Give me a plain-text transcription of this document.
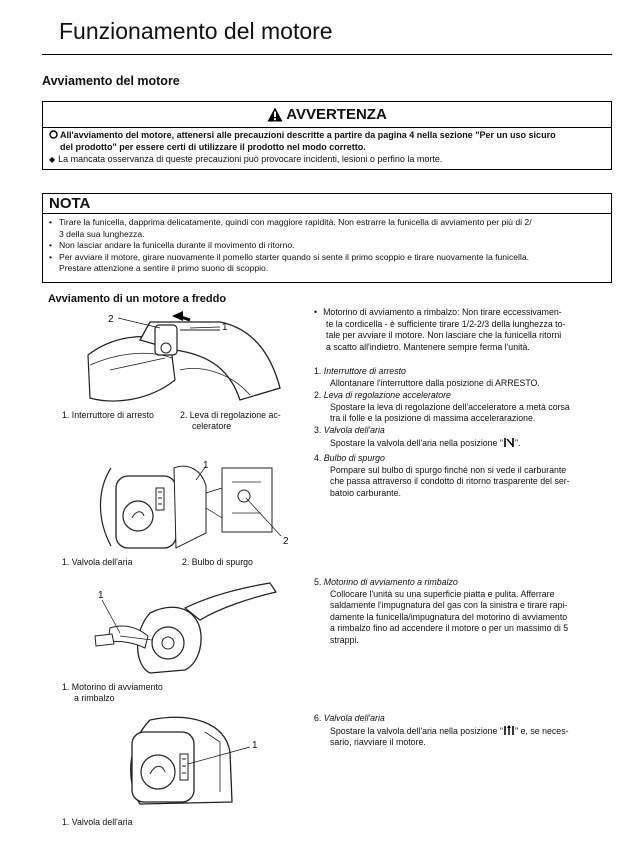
Funzionamento del motore
Avviamento del motore
AVVERTENZA
All'avviamento del motore, attenersi alle precauzioni descritte a partire da pagina 4 nella sezione "Per un uso sicuro
del prodotto" per essere certi di utilizzare il prodotto nel modo corretto.
◆ La mancata osservanza di queste precauzioni può provocare incidenti, lesioni o perfino la morte.
NOTA
• Tirare la funicella, dapprima delicatamente, quindi con maggiore rapidità. Non estrarre la funicella di avviamento per più di 2/
3 della sua lunghezza.
• Non lasciar andare la funicella durante il movimento di ritorno.
• Per avviare il motore, girare nuovamente il pomello starter quando si sente il primo scoppio e tirare nuovamente la funicella.
Prestare attenzione a sentire il primo suono di scoppio.
Avviamento di un motore a freddo
2
1
1. Interruttore di arresto	2. Leva di regolazione ac-
celeratore
1
2
1. Valvola dell'aria	2. Bulbo di spurgo
1
1. Motorino di avviamento
a rimbalzo
1
1. Valvola dell'aria
• Motorino di avviamento a rimbalzo: Non tirare eccessivamen-
te la cordicella - è sufficiente tirare 1/2-2/3 della lunghezza to-
tale per avviare il motore. Non lasciare che la funicella ritorni
a scatto all'indietro. Mantenere sempre ferma l'unità.
1. Interruttore di arresto
Allontanare l'interruttore dalla posizione di ARRESTO.
2. Leva di regolazione acceleratore
Spostare la leva di regolazione dell'acceleratore a metà corsa
tra il folle e la posizione di massima accelerarazione.
3. Valvola dell'aria
Spostare la valvola dell'aria nella posizione " ".
4. Bulbo di spurgo
Pompare sul bulbo di spurgo finché non si vede il carburante
che passa attraverso il condotto di ritorno trasparente del ser-
batoio carburante.
5. Motorino di avviamento a rimbalzo
Collocare l'unità su una superficie piatta e pulita. Afferrare
saldamente l'impugnatura del gas con la sinistra e tirare rapi-
damente la funicella/impugnatura del motorino di avviamento
a rimbalzo fino ad accendere il motore o per un massimo di 5
strappi.
6. Valvola dell'aria
Spostare la valvola dell'aria nella posizione " " e, se neces-
sario, riavviare il motore.
